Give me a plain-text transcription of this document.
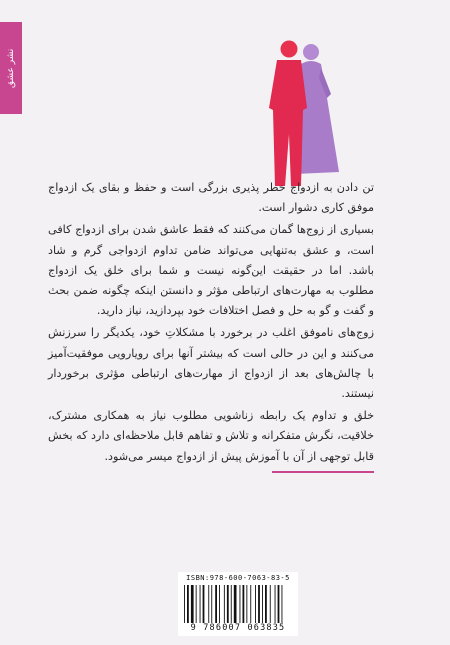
نشر عشق

تن دادن به ازدواج خطر پذیری بزرگی است و حفظ و بقای یک ازدواج موفق کاری دشوار است.

بسیاری از زوج‌ها گمان می‌کنند که فقط عاشق شدن برای ازدواج کافی است، و عشق به‌تنهایی می‌تواند ضامن تداوم ازدواجی گرم و شاد باشد. اما در حقیقت این‌گونه نیست و شما برای خلق یک ازدواج مطلوب به مهارت‌های ارتباطی مؤثر و دانستن اینکه چگونه ضمن بحث و گفت و گو به حل و فصل اختلافات خود بپردازید، نیاز دارید.

زوج‌های ناموفق اغلب در برخورد با مشکلاتِ خود، یکدیگر را سرزنش می‌کنند و این در حالی است که بیشتر آنها برای رویارویی موفقیت‌آمیز با چالش‌های بعد از ازدواج از مهارت‌های ارتباطی مؤثری برخوردار نیستند.

خلق و تداوم یک رابطه زناشویی مطلوب نیاز به همکاری مشترک، خلاقیت، نگرش متفکرانه و تلاش و تفاهم قابل ملاحظه‌ای دارد که بخش قابل توجهی از آن با آموزش پیش از ازدواج میسر می‌شود.

ISBN:978-600-7063-83-5
9 786007 063835
